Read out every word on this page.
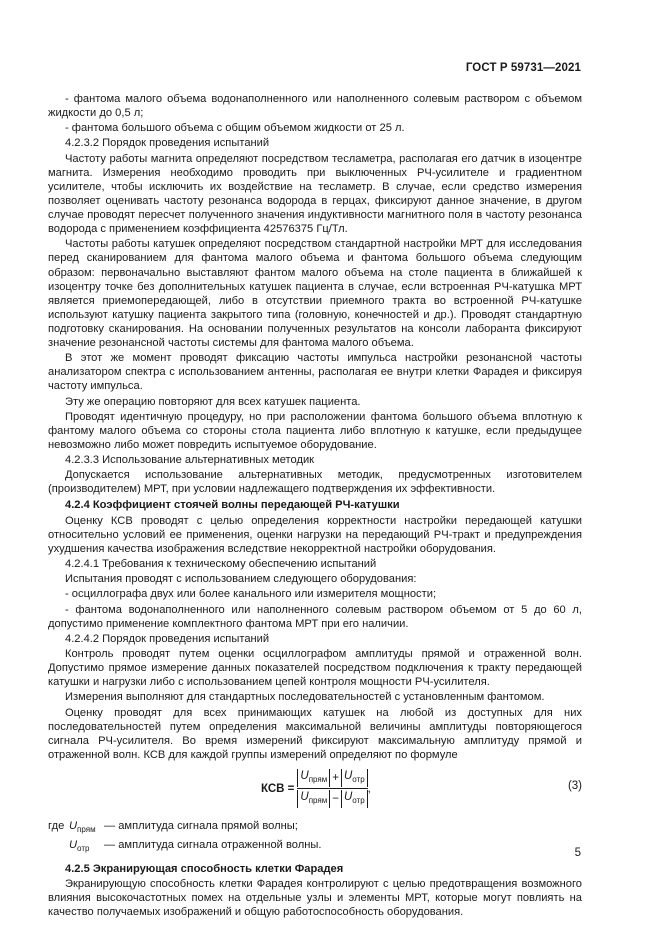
ГОСТ Р 59731—2021

- фантома малого объема водонаполненного или наполненного солевым раствором с объемом жидкости до 0,5 л;

- фантома большого объема с общим объемом жидкости от 25 л.

4.2.3.2 Порядок проведения испытаний

Частоту работы магнита определяют посредством тесламетра, располагая его датчик в изоцентре магнита. Измерения необходимо проводить при выключенных РЧ-усилителе и градиентном усилителе, чтобы исключить их воздействие на тесламетр. В случае, если средство измерения позволяет оценивать частоту резонанса водорода в герцах, фиксируют данное значение, в другом случае проводят пересчет полученного значения индуктивности магнитного поля в частоту резонанса водорода с применением коэффициента 42576375 Гц/Тл.

Частоты работы катушек определяют посредством стандартной настройки МРТ для исследования перед сканированием для фантома малого объема и фантома большого объема следующим образом: первоначально выставляют фантом малого объема на столе пациента в ближайшей к изоцентру точке без дополнительных катушек пациента в случае, если встроенная РЧ-катушка МРТ является приемопередающей, либо в отсутствии приемного тракта во встроенной РЧ-катушке используют катушку пациента закрытого типа (головную, конечностей и др.). Проводят стандартную подготовку сканирования. На основании полученных результатов на консоли лаборанта фиксируют значение резонансной частоты системы для фантома малого объема.

В этот же момент проводят фиксацию частоты импульса настройки резонансной частоты анализатором спектра с использованием антенны, располагая ее внутри клетки Фарадея и фиксируя частоту импульса.

Эту же операцию повторяют для всех катушек пациента.

Проводят идентичную процедуру, но при расположении фантома большого объема вплотную к фантому малого объема со стороны стола пациента либо вплотную к катушке, если предыдущее невозможно либо может повредить испытуемое оборудование.

4.2.3.3 Использование альтернативных методик

Допускается использование альтернативных методик, предусмотренных изготовителем (производителем) МРТ, при условии надлежащего подтверждения их эффективности.

4.2.4 Коэффициент стоячей волны передающей РЧ-катушки

Оценку КСВ проводят с целью определения корректности настройки передающей катушки относительно условий ее применения, оценки нагрузки на передающий РЧ-тракт и предупреждения ухудшения качества изображения вследствие некорректной настройки оборудования.

4.2.4.1 Требования к техническому обеспечению испытаний

Испытания проводят с использованием следующего оборудования:

- осциллографа двух или более канального или измерителя мощности;

- фантома водонаполненного или наполненного солевым раствором объемом от 5 до 60 л, допустимо применение комплектного фантома МРТ при его наличии.

4.2.4.2 Порядок проведения испытаний

Контроль проводят путем оценки осциллографом амплитуды прямой и отраженной волн. Допустимо прямое измерение данных показателей посредством подключения к тракту передающей катушки и нагрузки либо с использованием цепей контроля мощности РЧ-усилителя.

Измерения выполняют для стандартных последовательностей с установленным фантомом.

Оценку проводят для всех принимающих катушек на любой из доступных для них последовательностей путем определения максимальной величины амплитуды повторяющегося сигнала РЧ-усилителя. Во время измерений фиксируют максимальную амплитуду прямой и отраженной волн. КСВ для каждой группы измерений определяют по формуле

КСВ = $\frac{U_{прям} + U_{отр}}{U_{прям} - U_{отр}}$ ,	(3)
где $U_{прям}$ — амплитуда сигнала прямой волны;
$U_{отр}$	— амплитуда сигнала отраженной волны.

4.2.5 Экранирующая способность клетки Фарадея

Экранирующую способность клетки Фарадея контролируют с целью предотвращения возможного влияния высокочастотных помех на отдельные узлы и элементы МРТ, которые могут повлиять на качество получаемых изображений и общую работоспособность оборудования.

5
